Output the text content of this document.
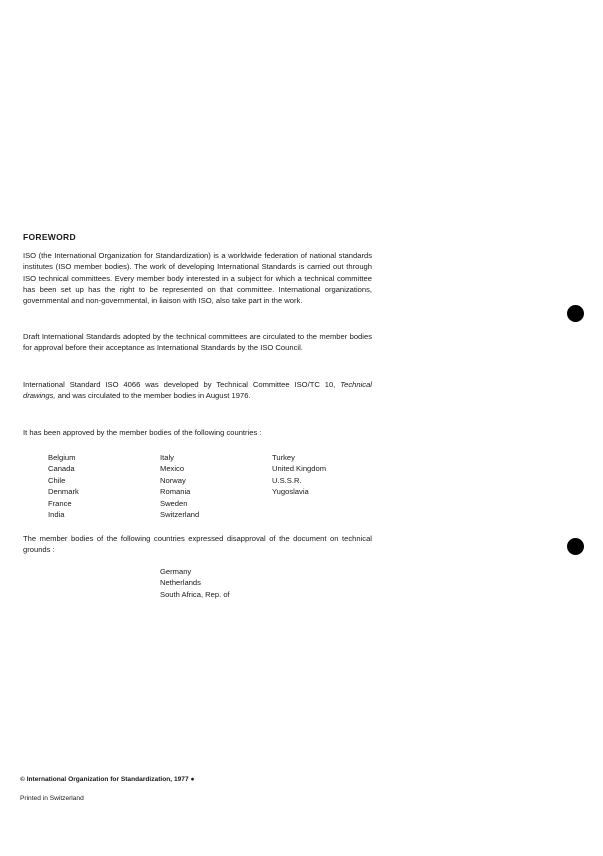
FOREWORD
ISO (the International Organization for Standardization) is a worldwide federation of national standards institutes (ISO member bodies). The work of developing International Standards is carried out through ISO technical committees. Every member body interested in a subject for which a technical committee has been set up has the right to be represented on that committee. International organizations, governmental and non-governmental, in liaison with ISO, also take part in the work.
Draft International Standards adopted by the technical committees are circulated to the member bodies for approval before their acceptance as International Standards by the ISO Council.
International Standard ISO 4066 was developed by Technical Committee ISO/TC 10, Technical drawings, and was circulated to the member bodies in August 1976.
It has been approved by the member bodies of the following countries :
Belgium
Canada
Chile
Denmark
France
India
Italy
Mexico
Norway
Romania
Sweden
Switzerland
Turkey
United Kingdom
U.S.S.R.
Yugoslavia
The member bodies of the following countries expressed disapproval of the document on technical grounds :
Germany
Netherlands
South Africa, Rep. of
© International Organization for Standardization, 1977 ●
Printed in Switzerland
